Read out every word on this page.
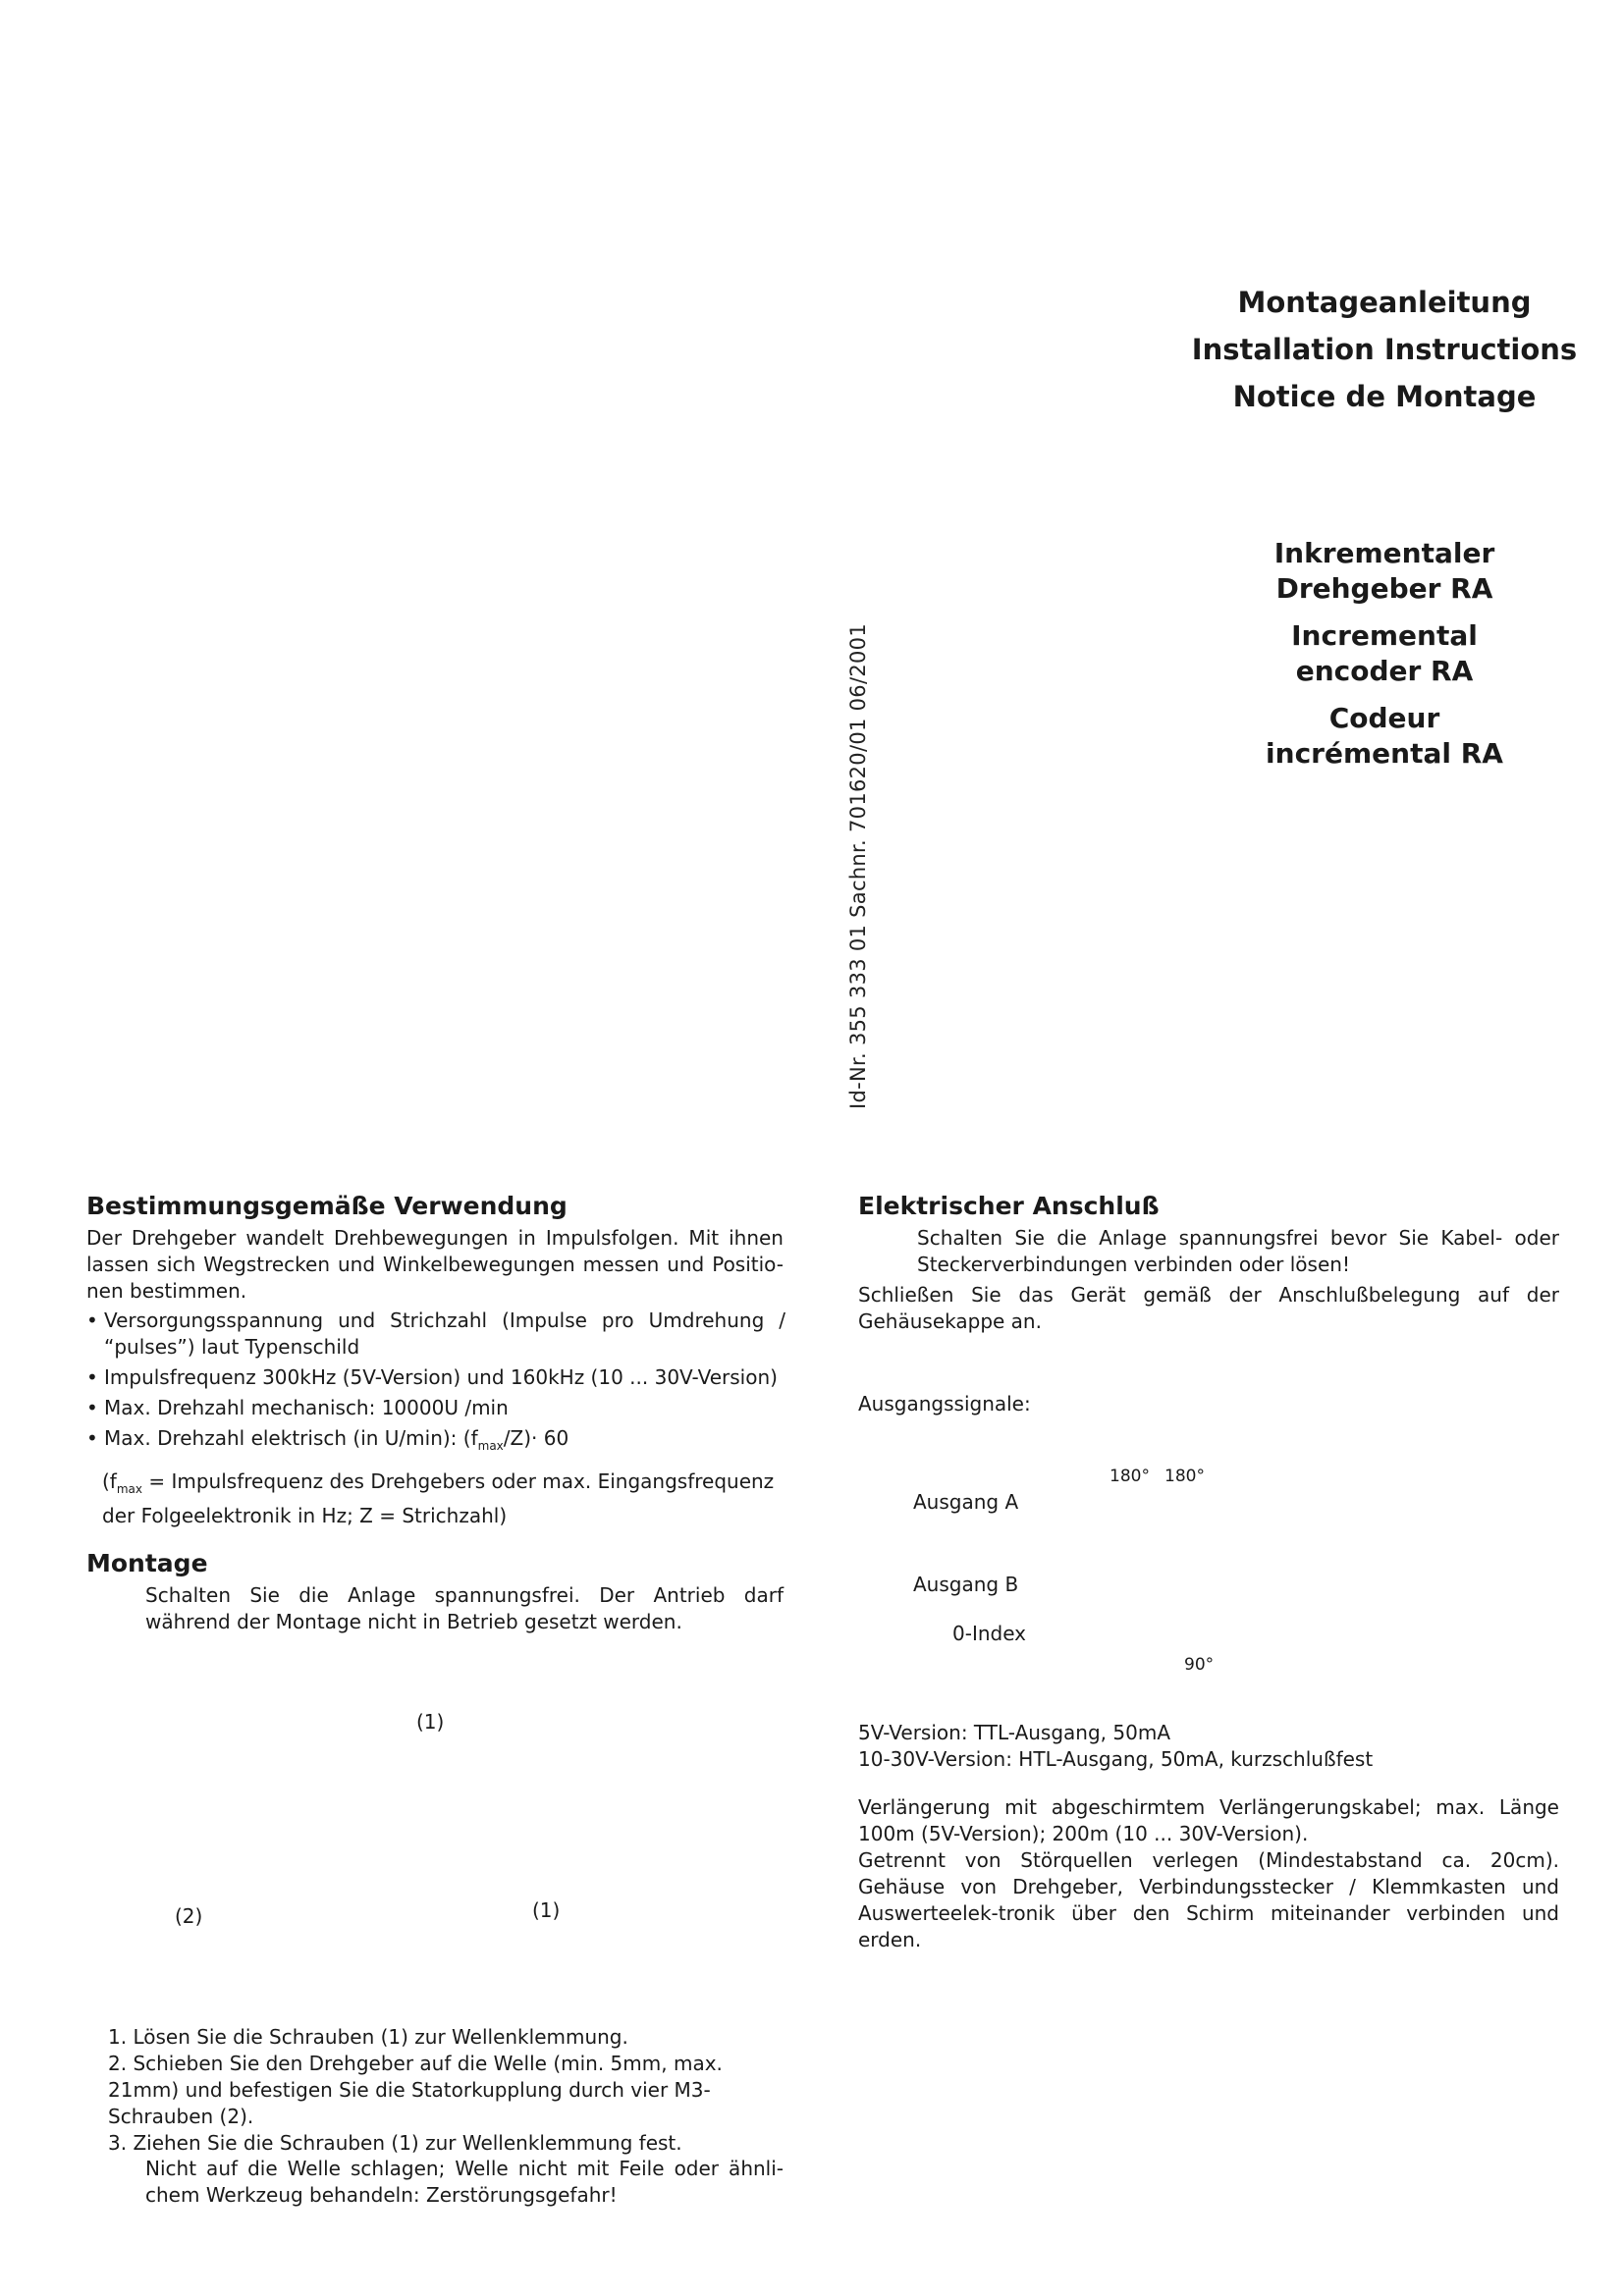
Montageanleitung
Installation Instructions
Notice de Montage
Inkrementaler
Drehgeber RA
Incremental
encoder RA
Codeur
incrémental RA
Id-Nr. 355 333 01 Sachnr. 701620/01 06/2001
Bestimmungsgemäße Verwendung
Der Drehgeber wandelt Drehbewegungen in Impulsfolgen. Mit ihnen lassen sich Wegstrecken und Winkelbewegungen messen und Positio-nen bestimmen.
• Versorgungsspannung und Strichzahl (Impulse pro Umdrehung / “pulses”) laut Typenschild
• Impulsfrequenz 300kHz (5V-Version) und 160kHz (10 ... 30V-Version)
• Max. Drehzahl mechanisch: 10000U /min
• Max. Drehzahl elektrisch (in U/min): $(f_{max}/Z)\cdot 60$
($f_{max}$ = Impulsfrequenz des Drehgebers oder max. Eingangsfrequenz der Folgeelektronik in Hz; Z = Strichzahl)
Montage
Schalten Sie die Anlage spannungsfrei. Der Antrieb darf während der Montage nicht in Betrieb gesetzt werden.
(1)
(2)	(1)
1. Lösen Sie die Schrauben (1) zur Wellenklemmung.
2. Schieben Sie den Drehgeber auf die Welle (min. 5mm, max. 21mm) und befestigen Sie die Statorkupplung durch vier M3-Schrauben (2).
3. Ziehen Sie die Schrauben (1) zur Wellenklemmung fest.
Nicht auf die Welle schlagen; Welle nicht mit Feile oder ähnli-chem Werkzeug behandeln: Zerstörungsgefahr!
Elektrischer Anschluß
Schalten Sie die Anlage spannungsfrei bevor Sie Kabel- oder Steckerverbindungen verbinden oder lösen!
Schließen Sie das Gerät gemäß der Anschlußbelegung auf der Gehäusekappe an.
Ausgangssignale:
180° 180°
Ausgang A
Ausgang B
0-Index
90°
5V-Version: TTL-Ausgang, 50mA
10-30V-Version: HTL-Ausgang, 50mA, kurzschlußfest
Verlängerung mit abgeschirmtem Verlängerungskabel; max. Länge 100m (5V-Version); 200m (10 ... 30V-Version).
Getrennt von Störquellen verlegen (Mindestabstand ca. 20cm). Gehäuse von Drehgeber, Verbindungsstecker / Klemmkasten und Auswerteelek-tronik über den Schirm miteinander verbinden und erden.
